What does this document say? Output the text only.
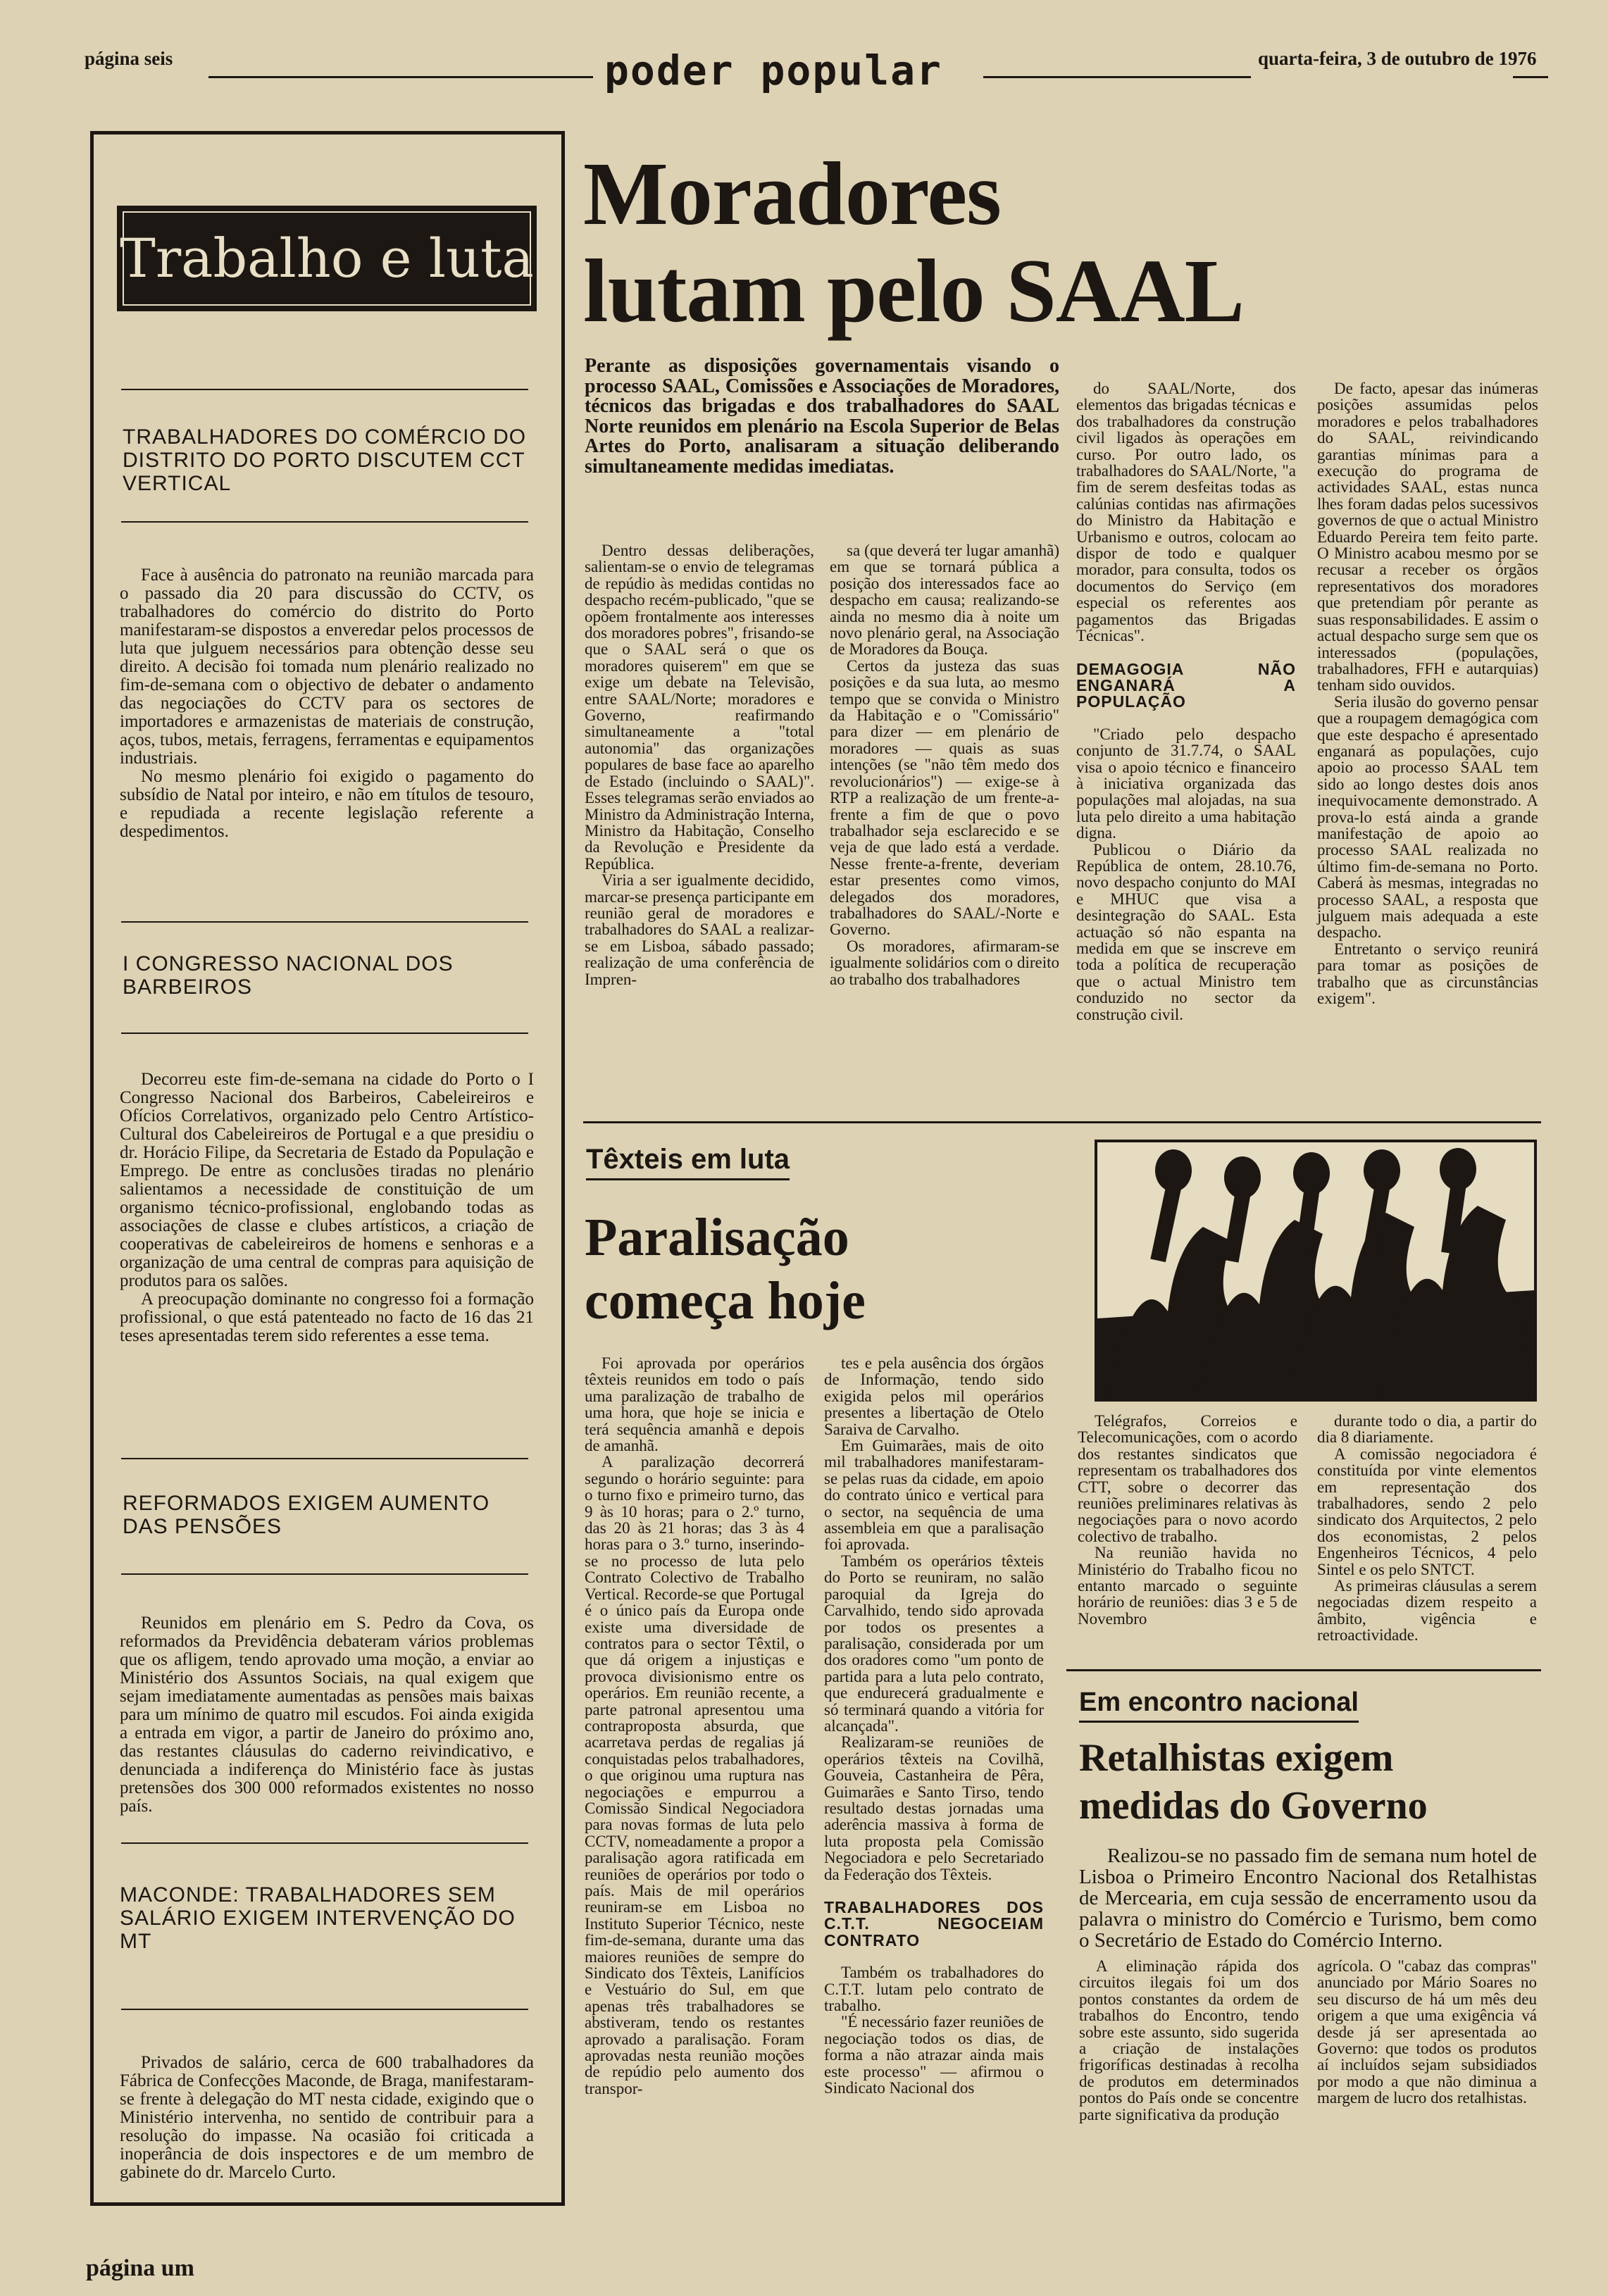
página seis	poder popular	quarta-feira, 3 de outubro de 1976
Trabalho e luta
TRABALHADORES DO COMÉRCIO DO DISTRITO DO PORTO DISCUTEM CCT VERTICAL

Face à ausência do patronato na reunião marcada para o passado dia 20 para discussão do CCTV, os trabalhadores do comércio do distrito do Porto manifestaram-se dispostos a enveredar pelos processos de luta que julguem necessários para obtenção desse seu direito. A decisão foi tomada num plenário realizado no fim-de-semana com o objectivo de debater o andamento das negociações do CCTV para os sectores de importadores e armazenistas de materiais de construção, aços, tubos, metais, ferragens, ferramentas e equipamentos industriais.

No mesmo plenário foi exigido o pagamento do subsídio de Natal por inteiro, e não em títulos de tesouro, e repudiada a recente legislação referente a despedimentos.

I CONGRESSO NACIONAL DOS BARBEIROS

Decorreu este fim-de-semana na cidade do Porto o I Congresso Nacional dos Barbeiros, Cabeleireiros e Ofícios Correlativos, organizado pelo Centro Artístico-Cultural dos Cabeleireiros de Portugal e a que presidiu o dr. Horácio Filipe, da Secretaria de Estado da População e Emprego. De entre as conclusões tiradas no plenário salientamos a necessidade de constituição de um organismo técnico-profissional, englobando todas as associações de classe e clubes artísticos, a criação de cooperativas de cabeleireiros de homens e senhoras e a organização de uma central de compras para aquisição de produtos para os salões.

A preocupação dominante no congresso foi a formação profissional, o que está patenteado no facto de 16 das 21 teses apresentadas terem sido referentes a esse tema.

REFORMADOS EXIGEM AUMENTO DAS PENSÕES

Reunidos em plenário em S. Pedro da Cova, os reformados da Previdência debateram vários problemas que os afligem, tendo aprovado uma moção, a enviar ao Ministério dos Assuntos Sociais, na qual exigem que sejam imediatamente aumentadas as pensões mais baixas para um mínimo de quatro mil escudos. Foi ainda exigida a entrada em vigor, a partir de Janeiro do próximo ano, das restantes cláusulas do caderno reivindicativo, e denunciada a indiferença do Ministério face às justas pretensões dos 300 000 reformados existentes no nosso país.

MACONDE: TRABALHADORES SEM SALÁRIO EXIGEM INTERVENÇÃO DO MT

Privados de salário, cerca de 600 trabalhadores da Fábrica de Confecções Maconde, de Braga, manifestaram-se frente à delegação do MT nesta cidade, exigindo que o Ministério intervenha, no sentido de contribuir para a resolução do impasse. Na ocasião foi criticada a inoperância de dois inspectores e de um membro de gabinete do dr. Marcelo Curto.

Moradores
lutam pelo SAAL
Perante as disposições governamentais visando o processo SAAL, Comissões e Associações de Moradores, técnicos das brigadas e dos trabalhadores do SAAL Norte reunidos em plenário na Escola Superior de Belas Artes do Porto, analisaram a situação deliberando simultaneamente medidas imediatas.

Dentro dessas deliberações, salientam-se o envio de telegramas de repúdio às medidas contidas no despacho recém-publicado, "que se opõem frontalmente aos interesses dos moradores pobres", frisando-se que o SAAL será o que os moradores quiserem" em que se exige um debate na Televisão, entre SAAL/Norte; moradores e Governo, reafirmando simultaneamente a "total autonomia" das organizações populares de base face ao aparelho de Estado (incluindo o SAAL)". Esses telegramas serão enviados ao Ministro da Administração Interna, Ministro da Habitação, Conselho da Revolução e Presidente da República.

Viria a ser igualmente decidido, marcar-se presença participante em reunião geral de moradores e trabalhadores do SAAL a realizar-se em Lisboa, sábado passado; realização de uma conferência de Impren-

sa (que deverá ter lugar amanhã) em que se tornará pública a posição dos interessados face ao despacho em causa; realizando-se ainda no mesmo dia à noite um novo plenário geral, na Associação de Moradores da Bouça.

Certos da justeza das suas posições e da sua luta, ao mesmo tempo que se convida o Ministro da Habitação e o "Comissário" para dizer — em plenário de moradores — quais as suas intenções (se "não têm medo dos revolucionários") — exige-se à RTP a realização de um frente-a-frente a fim de que o povo trabalhador seja esclarecido e se veja de que lado está a verdade. Nesse frente-a-frente, deveriam estar presentes como vimos, delegados dos moradores, trabalhadores do SAAL/-Norte e Governo.

Os moradores, afirmaram-se igualmente solidários com o direito ao trabalho dos trabalhadores

do SAAL/Norte, dos elementos das brigadas técnicas e dos trabalhadores da construção civil ligados às operações em curso. Por outro lado, os trabalhadores do SAAL/Norte, "a fim de serem desfeitas todas as calúnias contidas nas afirmações do Ministro da Habitação e Urbanismo e outros, colocam ao dispor de todo e qualquer morador, para consulta, todos os documentos do Serviço (em especial os referentes aos pagamentos das Brigadas Técnicas".

DEMAGOGIA NÃO ENGANARÁ A POPULAÇÃO

"Criado pelo despacho conjunto de 31.7.74, o SAAL visa o apoio técnico e financeiro à iniciativa organizada das populações mal alojadas, na sua luta pelo direito a uma habitação digna.

Publicou o Diário da República de ontem, 28.10.76, novo despacho conjunto do MAI e MHUC que visa a desintegração do SAAL. Esta actuação só não espanta na medida em que se inscreve em toda a política de recuperação que o actual Ministro tem conduzido no sector da construção civil.

De facto, apesar das inúmeras posições assumidas pelos moradores e pelos trabalhadores do SAAL, reivindicando garantias mínimas para a execução do programa de actividades SAAL, estas nunca lhes foram dadas pelos sucessivos governos de que o actual Ministro Eduardo Pereira tem feito parte. O Ministro acabou mesmo por se recusar a receber os órgãos representativos dos moradores que pretendiam pôr perante as suas responsabilidades. E assim o actual despacho surge sem que os interessados (populações, trabalhadores, FFH e autarquias) tenham sido ouvidos.

Seria ilusão do governo pensar que a roupagem demagógica com que este despacho é apresentado enganará as populações, cujo apoio ao processo SAAL tem sido ao longo destes dois anos inequivocamente demonstrado. A prova-lo está ainda a grande manifestação de apoio ao processo SAAL realizada no último fim-de-semana no Porto. Caberá às mesmas, integradas no processo SAAL, a resposta que julguem mais adequada a este despacho.

Entretanto o serviço reunirá para tomar as posições de trabalho que as circunstâncias exigem".

Têxteis em luta
Paralisação
começa hoje

Foi aprovada por operários têxteis reunidos em todo o país uma paralização de trabalho de uma hora, que hoje se inicia e terá sequência amanhã e depois de amanhã.

A paralização decorrerá segundo o horário seguinte: para o turno fixo e primeiro turno, das 9 às 10 horas; para o 2.º turno, das 20 às 21 horas; das 3 às 4 horas para o 3.º turno, inserindo-se no processo de luta pelo Contrato Colectivo de Trabalho Vertical. Recorde-se que Portugal é o único país da Europa onde existe uma diversidade de contratos para o sector Têxtil, o que dá origem a injustiças e provoca divisionismo entre os operários. Em reunião recente, a parte patronal apresentou uma contraproposta absurda, que acarretava perdas de regalias já conquistadas pelos trabalhadores, o que originou uma ruptura nas negociações e empurrou a Comissão Sindical Negociadora para novas formas de luta pelo CCTV, nomeadamente a propor a paralisação agora ratificada em reuniões de operários por todo o país. Mais de mil operários reuniram-se em Lisboa no Instituto Superior Técnico, neste fim-de-semana, durante uma das maiores reuniões de sempre do Sindicato dos Têxteis, Lanifícios e Vestuário do Sul, em que apenas três trabalhadores se abstiveram, tendo os restantes aprovado a paralisação. Foram aprovadas nesta reunião moções de repúdio pelo aumento dos transpor-

tes e pela ausência dos órgãos de Informação, tendo sido exigida pelos mil operários presentes a libertação de Otelo Saraiva de Carvalho.

Em Guimarães, mais de oito mil trabalhadores manifestaram-se pelas ruas da cidade, em apoio do contrato único e vertical para o sector, na sequência de uma assembleia em que a paralisação foi aprovada.

Também os operários têxteis do Porto se reuniram, no salão paroquial da Igreja do Carvalhido, tendo sido aprovada por todos os presentes a paralisação, considerada por um dos oradores como "um ponto de partida para a luta pelo contrato, que endurecerá gradualmente e só terminará quando a vitória for alcançada".

Realizaram-se reuniões de operários têxteis na Covilhã, Gouveia, Castanheira de Pêra, Guimarães e Santo Tirso, tendo resultado destas jornadas uma aderência massiva à forma de luta proposta pela Comissão Negociadora e pelo Secretariado da Federação dos Têxteis.

TRABALHADORES DOS C.T.T. NEGOCEIAM CONTRATO

Também os trabalhadores do C.T.T. lutam pelo contrato de trabalho.

"É necessário fazer reuniões de negociação todos os dias, de forma a não atrazar ainda mais este processo" — afirmou o Sindicato Nacional dos

Telégrafos, Correios e Telecomunicações, com o acordo dos restantes sindicatos que representam os trabalhadores dos CTT, sobre o decorrer das reuniões preliminares relativas às negociações para o novo acordo colectivo de trabalho.

Na reunião havida no Ministério do Trabalho ficou no entanto marcado o seguinte horário de reuniões: dias 3 e 5 de Novembro

durante todo o dia, a partir do dia 8 diariamente.

A comissão negociadora é constituída por vinte elementos em representação dos trabalhadores, sendo 2 pelo sindicato dos Arquitectos, 2 pelo dos economistas, 2 pelos Engenheiros Técnicos, 4 pelo Sintel e os pelo SNTCT.

As primeiras cláusulas a serem negociadas dizem respeito a âmbito, vigência e retroactividade.

Em encontro nacional
Retalhistas exigem
medidas do Governo
Realizou-se no passado fim de semana num hotel de Lisboa o Primeiro Encontro Nacional dos Retalhistas de Mercearia, em cuja sessão de encerramento usou da palavra o ministro do Comércio e Turismo, bem como o Secretário de Estado do Comércio Interno.

A eliminação rápida dos circuitos ilegais foi um dos pontos constantes da ordem de trabalhos do Encontro, tendo sobre este assunto, sido sugerida a criação de instalações frigoríficas destinadas à recolha de produtos em determinados pontos do País onde se concentre parte significativa da produção

agrícola. O "cabaz das compras" anunciado por Mário Soares no seu discurso de há um mês deu origem a que uma exigência vá desde já ser apresentada ao Governo: que todos os produtos aí incluídos sejam subsidiados por modo a que não diminua a margem de lucro dos retalhistas.

página um
